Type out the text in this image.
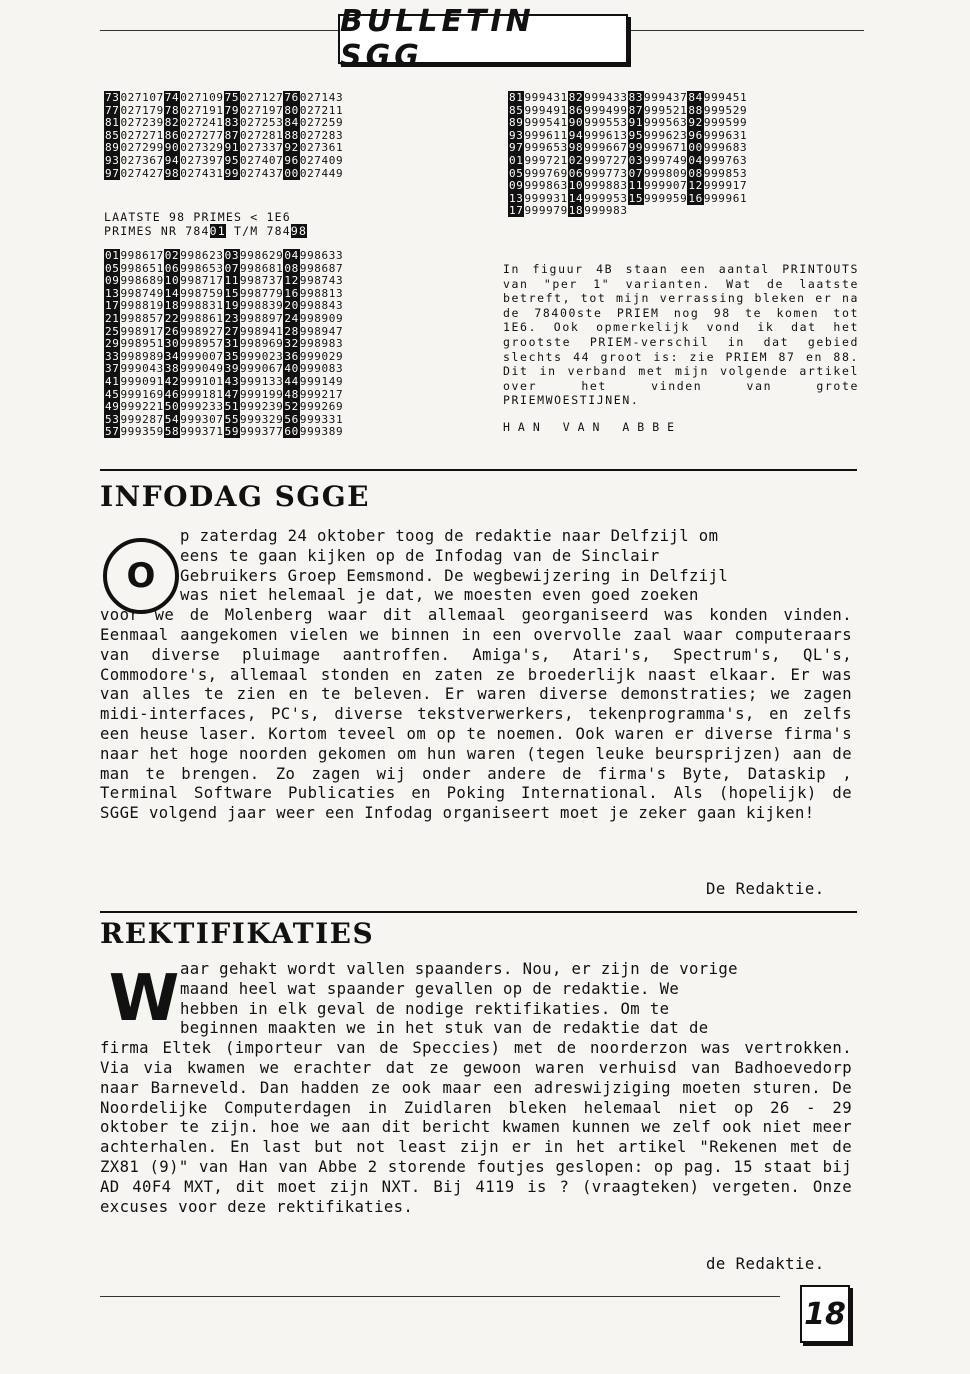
BULLETIN SGG
73027107740271097502712776027143
77027179780271917902719780027211
81027239820272418302725384027259
85027271860272778702728188027283
89027299900273299102733792027361
93027367940273979502740796027409
97027427980274319902743700027449
81999431829994338399943784999451
85999491869994998799952188999529
89999541909995539199956392999599
93999611949996139599962396999631
97999653989996679999967100999683
01999721029997270399974904999763
05999769069997730799980908999853
09999863109998831199990712999917
13999931149999531599995916999961
1799997918999983
01998617029986230399862904998633
05998651069986530799868108998687
09998689109987171199873712998743
13998749149987591599877916998813
17998819189988311999883920998843
21998857229988612399889724998909
25998917269989272799894128998947
29998951309989573199896932998983
33998989349990073599902336999029
37999043389990493999906740999083
41999091429991014399913344999149
45999169469991814799919948999217
49999221509992335199923952999269
53999287549993075599932956999331
57999359589993715999937760999389
LAATSTE 98 PRIMES < 1E6
PRIMES NR 78401 T/M 78498
In figuur 4B staan een aantal PRINTOUTS van "per 1" varianten. Wat de laatste betreft, tot mijn verrassing bleken er na de 78400ste PRIEM nog 98 te komen tot 1E6. Ook opmerkelijk vond ik dat het grootste PRIEM-verschil in dat gebied slechts 44 groot is: zie PRIEM 87 en 88. Dit in verband met mijn volgende artikel over het vinden van grote PRIEMWOESTIJNEN.
HAN VAN ABBE
INFODAG SGGE
O

p zaterdag 24 oktober toog de redaktie naar Delfzijl om

eens te gaan kijken op de Infodag van de Sinclair

Gebruikers Groep Eemsmond. De wegbewijzering in Delfzijl

was niet helemaal je dat, we moesten even goed zoeken

voor we de Molenberg waar dit allemaal georganiseerd was konden vinden. Eenmaal aangekomen vielen we binnen in een overvolle zaal waar computeraars van diverse pluimage aantroffen. Amiga's, Atari's, Spectrum's, QL's, Commodore's, allemaal stonden en zaten ze broederlijk naast elkaar. Er was van alles te zien en te beleven. Er waren diverse demonstraties; we zagen midi-interfaces, PC's, diverse tekstverwerkers, tekenprogramma's, en zelfs een heuse laser. Kortom teveel om op te noemen. Ook waren er diverse firma's naar het hoge noorden gekomen om hun waren (tegen leuke beursprijzen) aan de man te brengen. Zo zagen wij onder andere de firma's Byte, Dataskip , Terminal Software Publicaties en Poking International. Als (hopelijk) de SGGE volgend jaar weer een Infodag organiseert moet je zeker gaan kijken!

De Redaktie.
REKTIFIKATIES
W aar gehakt wordt vallen spaanders. Nou, er zijn de vorige

maand heel wat spaander gevallen op de redaktie. We

hebben in elk geval de nodige rektifikaties. Om te

beginnen maakten we in het stuk van de redaktie dat de

firma Eltek (importeur van de Speccies) met de noorderzon was vertrokken. Via via kwamen we erachter dat ze gewoon waren verhuisd van Badhoevedorp naar Barneveld. Dan hadden ze ook maar een adreswijziging moeten sturen. De Noordelijke Computerdagen in Zuidlaren bleken helemaal niet op 26 - 29 oktober te zijn. hoe we aan dit bericht kwamen kunnen we zelf ook niet meer achterhalen. En last but not least zijn er in het artikel "Rekenen met de ZX81 (9)" van Han van Abbe 2 storende foutjes geslopen: op pag. 15 staat bij AD 40F4 MXT, dit moet zijn NXT. Bij 4119 is ? (vraagteken) vergeten. Onze excuses voor deze rektifikaties.

de Redaktie.
18
